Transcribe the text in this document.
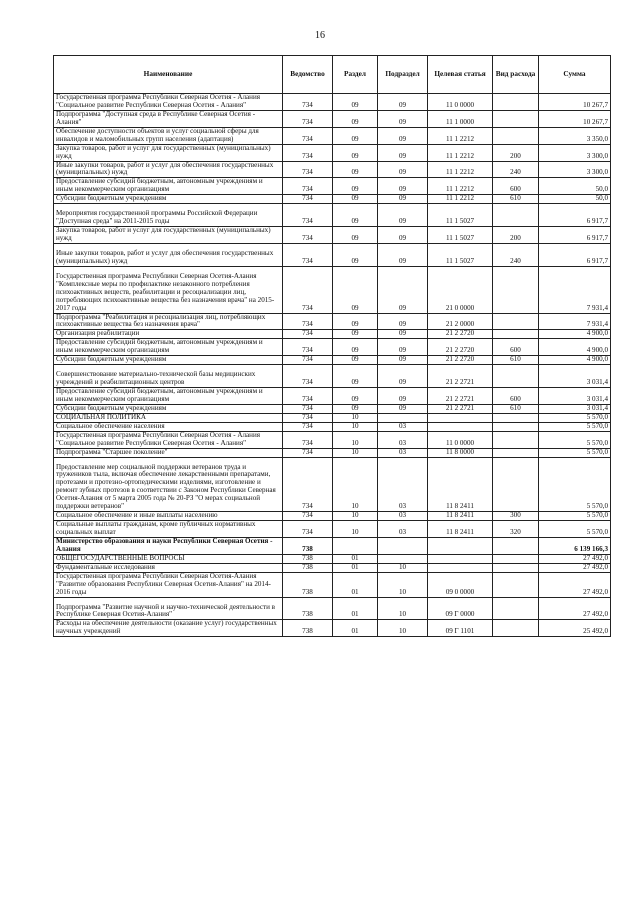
16
Наименование	Ведомство	Раздел	Подраздел	Целевая статья	Вид расхода	Сумма
Государственная программа Республики Северная Осетия - Алания "Социальное развитие Республики Северная Осетия - Алания"	734	09	09	11 0 0000		10 267,7
Подпрограмма "Доступная среда в Республике Северная Осетия - Алания"	734	09	09	11 1 0000		10 267,7
Обеспечение доступности объектов и услуг социальной сферы для инвалидов и маломобильных групп населения (адаптация)	734	09	09	11 1 2212		3 350,0
Закупка товаров, работ и услуг для государственных (муниципальных) нужд	734	09	09	11 1 2212	200	3 300,0
Иные закупки товаров, работ и услуг для обеспечения государственных (муниципальных) нужд	734	09	09	11 1 2212	240	3 300,0
Предоставление субсидий бюджетным, автономным учреждениям и иным некоммерческим организациям	734	09	09	11 1 2212	600	50,0
Субсидии бюджетным учреждениям	734	09	09	11 1 2212	610	50,0

Мероприятия государственной программы Российской Федерации "Доступная среда" на 2011-2015 годы	734	09	09	11 1 5027		6 917,7
Закупка товаров, работ и услуг для государственных (муниципальных) нужд	734	09	09	11 1 5027	200	6 917,7

Иные закупки товаров, работ и услуг для обеспечения государственных (муниципальных) нужд	734	09	09	11 1 5027	240	6 917,7

Государственная программа Республики Северная Осетия-Алания "Комплексные меры по профилактике незаконного потребления психоактивных веществ, реабилитации и ресоциализации лиц, потребляющих психоактивные вещества без назначения врача" на 2015-2017 годы	734	09	09	21 0 0000		7 931,4
Подпрограмма "Реабилитация и ресоциализация лиц, потребляющих психоактивные вещества без назначения врача"	734	09	09	21 2 0000		7 931,4
Организация реабилитации	734	09	09	21 2 2720		4 900,0
Предоставление субсидий бюджетным, автономным учреждениям и иным некоммерческим организациям	734	09	09	21 2 2720	600	4 900,0
Субсидии бюджетным учреждениям	734	09	09	21 2 2720	610	4 900,0

Совершенствование материально-технической базы медицинских учреждений и реабилитационных центров	734	09	09	21 2 2721		3 031,4
Предоставление субсидий бюджетным, автономным учреждениям и иным некоммерческим организациям	734	09	09	21 2 2721	600	3 031,4
Субсидии бюджетным учреждениям	734	09	09	21 2 2721	610	3 031,4
СОЦИАЛЬНАЯ ПОЛИТИКА	734	10				5 570,0
Социальное обеспечение населения	734	10	03			5 570,0
Государственная программа Республики Северная Осетия - Алания "Социальное развитие Республики Северная Осетия - Алания"	734	10	03	11 0 0000		5 570,0
Подпрограмма "Старшее поколение"	734	10	03	11 8 0000		5 570,0

Предоставление мер социальной поддержки ветеранов труда и тружеников тыла, включая обеспечение лекарственными препаратами, протезами и протезно-ортопедическими изделиями, изготовление и ремонт зубных протезов в соответствии с Законом Республики Северная Осетия-Алания от 5 марта 2005 года № 20-РЗ "О мерах социальной поддержки ветеранов"	734	10	03	11 8 2411		5 570,0
Социальное обеспечение и иные выплаты населению	734	10	03	11 8 2411	300	5 570,0
Социальные выплаты гражданам, кроме публичных нормативных социальных выплат	734	10	03	11 8 2411	320	5 570,0
Министерство образования и науки Республики Северная Осетия - Алания	738					6 139 166,3
ОБЩЕГОСУДАРСТВЕННЫЕ ВОПРОСЫ	738	01				27 492,0
Фундаментальные исследования	738	01	10			27 492,0
Государственная программа Республики Северная Осетия-Алания "Развитие образования Республики Северная Осетия-Алания" на 2014-2016 годы	738	01	10	09 0 0000		27 492,0

Подпрограмма "Развитие научной и научно-технической деятельности в Республике Северная Осетия-Алания"	738	01	10	09 Г 0000		27 492,0
Расходы на обеспечение деятельности (оказание услуг) государственных научных учреждений	738	01	10	09 Г 1101		25 492,0
